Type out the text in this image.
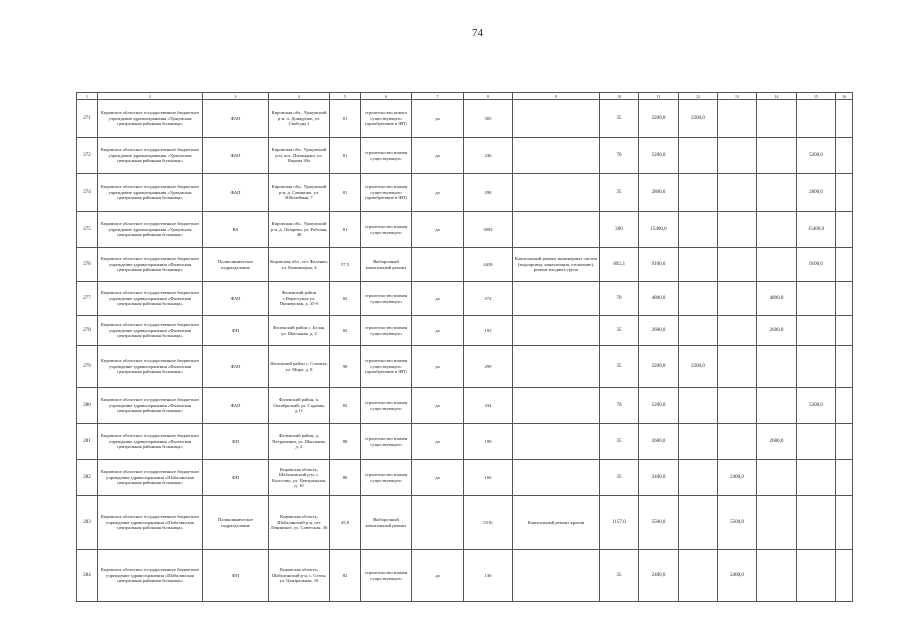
74
1	2	3	4	5	6	7	8	9	10	11	12	13	14	15	16
271	Кировское областное государственное бюджетное учреждение здравоохранения «Уржумская центральная районная больница»	ФАП	Кировская обл., Уржумский р-н, п. Донаурово, ул. Свободы 1	81	строительство нового существующего (приобретение в ФП)	да	305		35	2200,0	2200,0				
272	Кировское областное государственное бюджетное учреждение здравоохранения «Уржумская центральная районная больница»	ФАП	Кировская обл., Уржумский р-н, пос. Пиляндыш, ул. Кирова 30а	81	строительство взамен существующего	да	436		70	5200,0				5200,0	
274	Кировское областное государственное бюджетное учреждение здравоохранения «Уржумская центральная районная больница»	ФАП	Кировская обл., Уржумский р-н, д. Савиново, ул. Юбилейная, 7	81	строительство взамен существующего (приобретение в ФП)	да	298		35	2800,0				2800,0	
275	Кировское областное государственное бюджетное учреждение здравоохранения «Уржумская центральная районная больница»	ВА	Кировская обл., Уржумский р-н, д. Лазарево, ул. Рабочая, 48	81	строительство взамен существующего	да	3992		200	15400,0				15400,0	
276	Кировское областное государственное бюджетное учреждение здравоохранения «Фаленская центральная районная больница»	Поликлиническое подразделение	Кировская обл., пгт Фаленки, ул. Коминтерна, 4	57,5	Выборочный капитальный ремонт		4439	Капитальный ремонт инженерных систем (водопровод, канализация, отопление), ремонт входных групп	892,3	9100,0				9100,0	
277	Кировское областное государственное бюджетное учреждение здравоохранения «Фаленская центральная районная больница»	ФАП	Фаленский район с.Верхосунье ул. Пионерская, д. 35-б	82	строительство взамен существующего	да	472		70	4800,0			4800,0		
278	Кировское областное государственное бюджетное учреждение здравоохранения «Фаленская центральная районная больница»	ФП	Фаленский район с. Белая, ул. Школьная, д. 2	82	строительство взамен существующего	да	193		35	2600,0			2600,0		
279	Кировское областное государственное бюджетное учреждение здравоохранения «Фаленская центральная районная больница»	ФАП	Фаленский район с. Совчиха, ул. Мира, д. 8	90	строительство взамен существующего (приобретение в ФП)	да	299		35	2200,0	2200,0				
280	Кировское областное государственное бюджетное учреждение здравоохранения «Фаленская центральная районная больница»	ФАП	Фаленский район, п. Октябрьский, ул. Садовая, д.11	82	строительство взамен существующего	да	434		70	5200,0				5200,0	
281	Кировское областное государственное бюджетное учреждение здравоохранения «Фаленская центральная районная больница»	ФП	Фаленский район, д. Петруненки, ул. Школьная, д. 2	88	строительство взамен существующего	да	199		35	2600,0			2600,0		
282	Кировское областное государственное бюджетное учреждение здравоохранения «Шабалинская центральная районная больница»	ФП	Кировская область, Шабалинский р-н, с. Колосово, ул. Центральная, д. 10	80	строительство взамен существующего	да	160		35	2400,0		2400,0			
283	Кировское областное государственное бюджетное учреждение здравоохранения «Шабалинская центральная районная больница»	Поликлиническое подразделение	Кировская область, Шабалинский р-н, пгт Ленинское, ул. Советская, 36	45,8	Выборочный капитальный ремонт		5516	Капитальный ремонт кровли	1157,0	5500,0		5500,0			
284	Кировское областное государственное бюджетное учреждение здравоохранения «Шабалинская центральная районная больница»	ФП	Кировская область, Шабалинский р-н, с. Сезен, ул. Центральная, 18	82	строительство взамен существующего	да	136		35	2400,0		2400,0			
